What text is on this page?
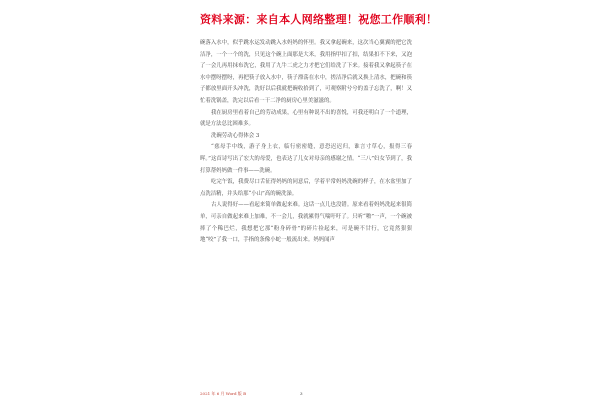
资料来源：来自本人网络整理！祝您工作顺利！

碗落入水中，似乎跳水运发动跳入水妈妈的怀里。我又拿起碗来，这次当心翼翼的把它洗洁净，一个一个的洗，只见这个碗上面那是大米，我用指甲扣了扣，结果扣不下来，又泡了一会儿再用抹布洗它，我用了九牛二虎之力才把它们给洗了下来。接着我又拿起筷子在水中摆呀摆呀，再把筷子放入水中，筷子漂荡在水中，搓洁净后就又换上清水，把碗和筷子都放里面开头冲洗，洗好以后我就把碗收拾到了，可观察附兮兮的盖子忘洗了，啊！又忙着洗锅盖，洗完以后看一干二净的厨房心里美滋滋的。

我在厨房里看着自己的劳动成果，心里有种说不出的喜悦，可我还明白了一个道理，就是方法总比困难多。

洗碗劳动心得体会 3

“慈母手中线，游子身上衣，临行密密缝，意恐迟迟归，谁言寸草心，报得三春晖。”这首诗写出了宏大的母爱，也表达了儿女对母亲的感谢之情。“三八”妇女节到了，我打算帮妈妈做一件事——洗碗。

吃完午饭，我费尽口舌征得妈妈的同意后，学着平常妈妈洗碗的样子，在水盆里加了点洗洁精，并头给那“小山”高的碗洗澡。

古人说得好——看起来简单做起来难。这话一点儿也没错。原来看着妈妈洗起来很简单，可亲自做起来难上加难，不一会儿，我就累得气喘吁吁了。只听“啪”一声，一个碗被摔了个稀巴烂，我想把它那“粉身碎骨”的碎片捡起来，可是碗不甘行，它竟然狠狠地“咬”了我一口，手指的条像小蛇一般流出来。妈妈闻声

2021 年 6 月 Word 版 B	3
